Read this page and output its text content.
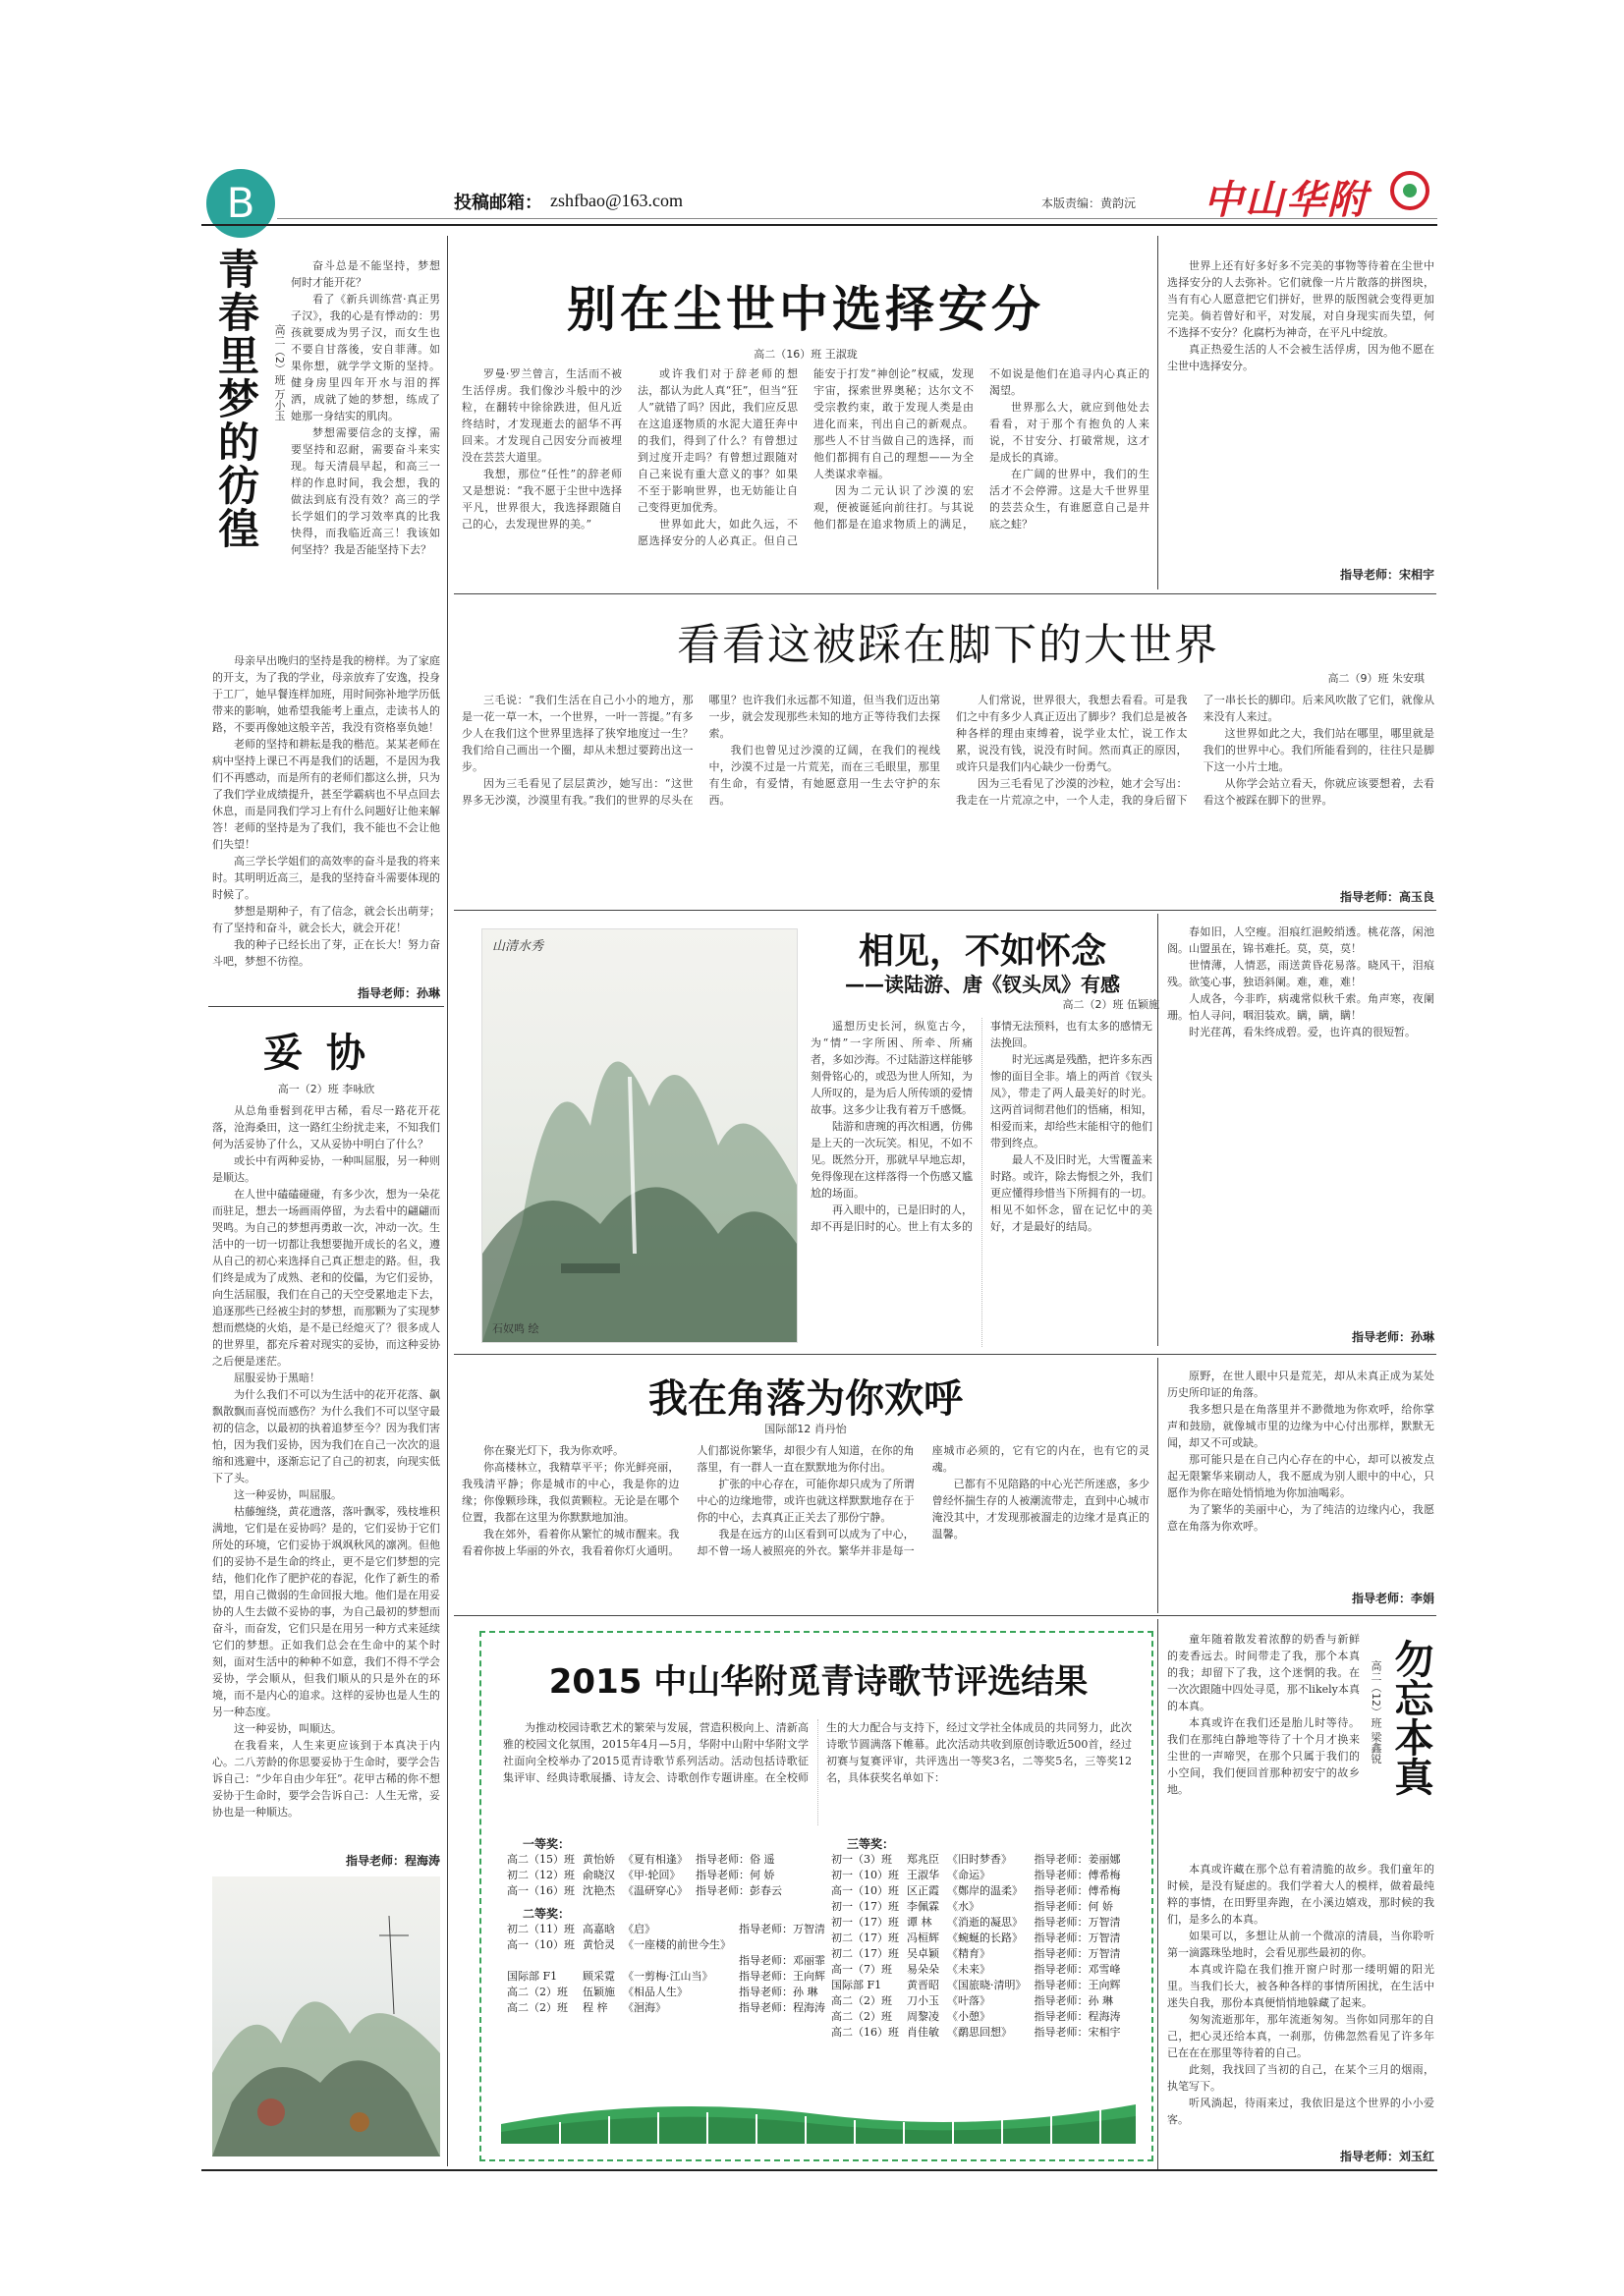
B	投稿邮箱： zshfbao@163.com	本版责编：黄韵沅 中山华附
青春里梦的彷徨 高二（2）班 万小玉

奋斗总是不能坚持，梦想何时才能开花？

看了《新兵训练营·真正男子汉》，我的心是有悸动的：男孩就要成为男子汉，而女生也不要自甘落後，安自菲薄。如果你想，就学学文斯的坚持。健身房里四年开水与泪的挥洒，成就了她的梦想，练成了她那一身结实的肌肉。

梦想需要信念的支撑，需要坚持和忍耐，需要奋斗来实现。每天清晨早起，和高三一样的作息时间，我会想，我的做法到底有没有效？高三的学长学姐们的学习效率真的比我快得，而我临近高三！我该如何坚持？我是否能坚持下去？

母亲早出晚归的坚持是我的榜样。为了家庭的开支，为了我的学业，母亲放弃了安逸，投身于工厂，她早餐连样加班，用时间弥补地学历低带来的影响，她希望我能考上重点，走读书人的路，不要再像她这般辛苦，我没有资格辜负她！

老师的坚持和耕耘是我的楷范。某某老师在病中坚持上课已不再是我们的话题，不是因为我们不再感动，而是所有的老师们都这么拼，只为了我们学业成绩提升，甚至学霸病也不早点回去休息，而是同我们学习上有什么问题好让他来解答！老师的坚持是为了我们，我不能也不会让他们失望！

高三学长学姐们的高效率的奋斗是我的将来时。其明明近高三，是我的坚持奋斗需要体现的时候了。

梦想是期种子，有了信念，就会长出萌芽；有了坚持和奋斗，就会长大，就会开花！

我的种子已经长出了芽，正在长大！努力奋斗吧，梦想不彷徨。

指导老师：孙琳
妥协
高一（2）班 李咏欣

从总角垂髫到花甲古稀，看尽一路花开花落，沧海桑田，这一路红尘纷扰走来，不知我们何为活妥协了什么，又从妥协中明白了什么？

或长中有两种妥协，一种叫屈服，另一种则是顺达。

在人世中磕磕碰碰，有多少次，想为一朵花而驻足，想去一场画雨停留，为去看中的翩翩而哭鸣。为自己的梦想再勇敢一次，冲动一次。生活中的一切一切都让我想要抛开成长的名义，遵从自己的初心来选择自己真正想走的路。但，我们终是成为了成熟、老和的佼儡，为它们妥协，向生活屈服，我们在自己的天空受累地走下去，追逐那些已经被尘封的梦想，而那颗为了实现梦想而燃烧的火焰，是不是已经熄灭了？很多成人的世界里，都充斥着对现实的妥协，而这种妥协之后便是迷茫。

屈服妥协于黑暗！

为什么我们不可以为生活中的花开花落、飙飘散飘而喜悦而感伤？为什么我们不可以坚守最初的信念，以最初的执着追梦至今？因为我们害怕，因为我们妥协，因为我们在自己一次次的退缩和逃避中，逐渐忘记了自己的初衷，向现实低下了头。

这一种妥协，叫屈服。

枯藤缠绕，黄花遗落，落叶飘零，残枝堆积满地，它们是在妥协吗？是的，它们妥协于它们所处的环境，它们妥协于飒飒秋风的凛冽。但他们的妥协不是生命的终止，更不是它们梦想的完结，他们化作了肥护花的春泥，化作了新生的希望，用自己微弱的生命回报大地。他们是在用妥协的人生去做不妥协的事，为自己最初的梦想而奋斗，而奋发，它们只是在用另一种方式来延续它们的梦想。正如我们总会在生命中的某个时刻，面对生活中的种种不如意，我们不得不学会妥协，学会顺从，但我们顺从的只是外在的环境，而不是内心的追求。这样的妥协也是人生的另一种态度。

这一种妥协，叫顺达。

在我看来，人生来更应该到于本真决于内心。二八芳龄的你思要妥协于生命时，要学会告诉自己：“少年自由少年狂”。花甲古稀的你不想妥协于生命时，要学会告诉自己：人生无常，妥协也是一种顺达。

指导老师：程海涛
别在尘世中选择安分
高二（16）班 王淑珑

罗曼·罗兰曾言，生活而不被生活俘虏。我们像沙斗般中的沙粒，在翻转中徐徐跌进，但凡近终结时，才发现逝去的韶华不再回来。才发现自己因安分而被埋没在芸芸大道里。

我想，那位“任性”的辞老师又是想说：“我不愿于尘世中选择平凡，世界很大，我选择跟随自己的心，去发现世界的美。”

或许我们对于辞老师的想法，都认为此人真“狂”，但当“狂人”就错了吗？因此，我们应反思在这追逐物质的水泥大道狂奔中的我们，得到了什么？有曾想过到过度开走吗？有曾想过跟随对自己来说有重大意义的事？如果不至于影响世界，也无妨能让自己变得更加优秀。

世界如此大，如此久远，不愿选择安分的人必真正。但自己能安于打发“神创论”权威，发现宇宙，探索世界奥秘；达尔文不受宗教约束，敢于发现人类是由进化而来，刊出自己的新观点。那些人不甘当做自己的选择，而他们都拥有自己的理想——为全人类谋求幸福。

因为二元认识了沙漠的宏观，便被诞延向前往打。与其说他们都是在追求物质上的满足，不如说是他们在追寻内心真正的渴望。

世界那么大，就应到他处去看看，对于那个有抱负的人来说，不甘安分、打破常规，这才是成长的真谛。

在广阔的世界中，我们的生活才不会停滞。这是大千世界里的芸芸众生，有谁愿意自己是井底之蛙？

世界上还有好多好多不完美的事物等待着在尘世中选择安分的人去弥补。它们就像一片片散落的拼图块，当有有心人愿意把它们拼好，世界的版图就会变得更加完美。倘若曾好和平，对发展，对自身现实而失望，何不选择不安分？化腐朽为神奇，在平凡中绽放。

真正热爱生活的人不会被生活俘虏，因为他不愿在尘世中选择安分。

指导老师：宋相宇
看看这被踩在脚下的大世界
高二（9）班 朱安琪

三毛说：“我们生活在自己小小的地方，那是一花一草一木，一个世界，一叶一菩提。”有多少人在我们这个世界里选择了狭窄地度过一生？我们给自己画出一个圈，却从未想过要跨出这一步。

因为三毛看见了层层黄沙，她写出：“这世界多无沙漠，沙漠里有我。”我们的世界的尽头在哪里？也许我们永远都不知道，但当我们迈出第一步，就会发现那些未知的地方正等待我们去探索。

我们也曾见过沙漠的辽阔，在我们的视线中，沙漠不过是一片荒芜，而在三毛眼里，那里有生命，有爱情，有她愿意用一生去守护的东西。

人们常说，世界很大，我想去看看。可是我们之中有多少人真正迈出了脚步？我们总是被各种各样的理由束缚着，说学业太忙，说工作太累，说没有钱，说没有时间。然而真正的原因，或许只是我们内心缺少一份勇气。

因为三毛看见了沙漠的沙粒，她才会写出：我走在一片荒凉之中，一个人走，我的身后留下了一串长长的脚印。后来风吹散了它们，就像从来没有人来过。

这世界如此之大，我们站在哪里，哪里就是我们的世界中心。我们所能看到的，往往只是脚下这一小片土地。

从你学会站立看天，你就应该要想着，去看看这个被踩在脚下的世界。

指导老师：高玉良
山清水秀
石奴鸣 绘
相见，不如怀念
——读陆游、唐《钗头凤》有感
高二（2）班 伍颖施

遥想历史长河，纵览古今，为“情”一字所困、所牵、所痛者，多如沙海。不过陆游这样能够刻骨铭心的，或恐为世人所知，为人所叹的，是为后人所传颂的爱情故事。这多少让我有着万千感慨。

陆游和唐琬的再次相遇，仿佛是上天的一次玩笑。相见，不如不见。既然分开，那就早早地忘却，免得像现在这样落得一个伤感又尴尬的场面。

再入眼中的，已是旧时的人，却不再是旧时的心。世上有太多的事情无法预料，也有太多的感情无法挽回。

时光远离是残酷，把许多东西惨的面目全非。墙上的两首《钗头凤》，带走了两人最美好的时光。这两首词彻君他们的悟痛，相知，相爱而来，却给些末能相守的他们带到终点。

最人不及旧时光，大雪覆盖来时路。或许，除去悔恨之外，我们更应懂得珍惜当下所拥有的一切。相见不如怀念，留在记忆中的美好，才是最好的结局。

春如旧，人空瘦。泪痕红浥鲛绡透。桃花落，闲池阁。山盟虽在，锦书难托。莫，莫，莫！

世情薄，人情恶，雨送黄昏花易落。晓风干，泪痕残。欲笺心事，独语斜阑。难，难，难！

人成各，今非昨，病魂常似秋千索。角声寒，夜阑珊。怕人寻问，咽泪装欢。瞒，瞒，瞒！

时光荏苒，看朱终成碧。爱，也许真的很短暂。

指导老师：孙琳
我在角落为你欢呼
国际部12 肖丹怡

你在聚光灯下，我为你欢呼。

你高楼林立，我精草平平；你光鲜亮丽，我残清平静；你是城市的中心，我是你的边缘；你像颗珍珠，我似黄颗粒。无论是在哪个位置，我都在这里为你默默地加油。

我在郊外，看着你从繁忙的城市醒来。我看着你披上华丽的外衣，我看着你灯火通明。人们都说你繁华，却很少有人知道，在你的角落里，有一群人一直在默默地为你付出。

扩张的中心存在，可能你却只成为了所谓中心的边缘地带，或许也就这样默默地存在于你的中心，去真真正正关去了那份宁静。

我是在远方的山区看到可以成为了中心，却不曾一场人被照亮的外衣。繁华并非是每一座城市必须的，它有它的内在，也有它的灵魂。

已都有不见陪路的中心光芒所迷惑，多少曾经怀揣生存的人被潮流带走，直到中心城市淹没其中，才发现那被溜走的边缘才是真正的温馨。

原野，在世人眼中只是荒芜，却从未真正成为某处历史所印证的角落。

我多想只是在角落里并不渺微地为你欢呼，给你掌声和鼓励，就像城市里的边缘为中心付出那样，默默无闻，却又不可或缺。

那可能只是在自己内心存在的中心，却可以被发点起无限繁华来刷动人，我不愿成为别人眼中的中心，只愿作为你在暗处悄悄地为你加油喝彩。

为了繁华的美丽中心，为了纯洁的边缘内心，我愿意在角落为你欢呼。

指导老师：李娟
2015 中山华附觅青诗歌节评选结果
为推动校园诗歌艺术的繁荣与发展，营造积极向上、清新高雅的校园文化氛围，2015年4月—5月，华附中山附中华附文学社面向全校举办了2015觅青诗歌节系列活动。活动包括诗歌征集评审、经典诗歌展播、诗友会、诗歌创作专题讲座。在全校师生的大力配合与支持下，经过文学社全体成员的共同努力，此次诗歌节圆满落下帷幕。此次活动共收到原创诗歌近500首，经过初赛与复赛评审，共评选出一等奖3名，二等奖5名，三等奖12名，具体获奖名单如下：
一等奖：
高二（15）班	黄怡娇	《夏有相逢》	指导老师：俗 遥
初二（12）班	俞晓汉	《甲·轮回》	指导老师：何 娇
高一（16）班	沈艳杰	《温研穿心》	指导老师：彭春云
二等奖：
初二（11）班	高嘉晗	《启》	指导老师：万智清
高一（10）班	黄恰灵	《一座楼的前世今生》	
			指导老师：邓丽霏
国际部 F1	顾采霓	《一剪梅·江山当》	指导老师：王向辉
高二（2）班	伍颖施	《相品人生》	指导老师：孙 琳
高二（2）班	程 梓	《洄海》	指导老师：程海涛
三等奖：
初一（3）班	郑兆臣	《旧时梦香》	指导老师：姜丽娜
初一（10）班	王淑华	《命运》	指导老师：傅希梅
高一（10）班	区正霞	《鄭岸的温柔》	指导老师：傅希梅
初一（17）班	李佩霖	《水》	指导老师：何 娇
初一（17）班	谭 林	《消逝的凝思》	指导老师：万智清
初二（17）班	冯桓辉	《蜿蜒的长路》	指导老师：万智清
初二（17）班	吴卓颖	《精育》	指导老师：万智清
高一（7）班	易朵朵	《未来》	指导老师：邓雪峰
国际部 F1	黄晋昭	《国旅晓·清明》	指导老师：王向辉
高二（2）班	刀小玉	《叶落》	指导老师：孙 琳
高二（2）班	周黎凌	《小憩》	指导老师：程海涛
高二（16）班	肖佳敏	《鹬思回想》	指导老师：宋相宇

童年随着散发着浓醇的奶香与新鲜的麦香远去。时间带走了我，那个本真的我；却留下了我，这个迷惘的我。在一次次跟随中四处寻觅，那不likely本真的本真。

本真或许在我们还是胎儿时等待。我们在那纯白静地等待了十个月才换来尘世的一声啼哭，在那个只属于我们的小空间，我们便回首那种初安宁的故乡地。

高二（12）班 梁鑫锐 勿忘本真

本真或许藏在那个总有着清脆的故乡。我们童年的时候，是没有疑虑的。我们学着大人的模样，做着最纯粹的事情，在田野里奔跑，在小溪边嬉戏，那时候的我们，是多么的本真。

如果可以，多想让从前一个微凉的清晨，当你聆听第一滴露珠坠地时，会看见那些最初的你。

本真或许隐在我们推开窗户时那一缕明媚的阳光里。当我们长大，被各种各样的事情所困扰，在生活中迷失自我，那份本真便悄悄地躲藏了起来。

匆匆流逝那年，那年流逝匆匆。当你如同那年的自己，把心灵还给本真，一刹那，仿佛忽然看见了许多年已在在在那里等待着的自己。

此刻，我找回了当初的自己，在某个三月的烟雨，执笔写下。

听风淌起，待雨来过，我依旧是这个世界的小小爱客。

指导老师：刘玉红
